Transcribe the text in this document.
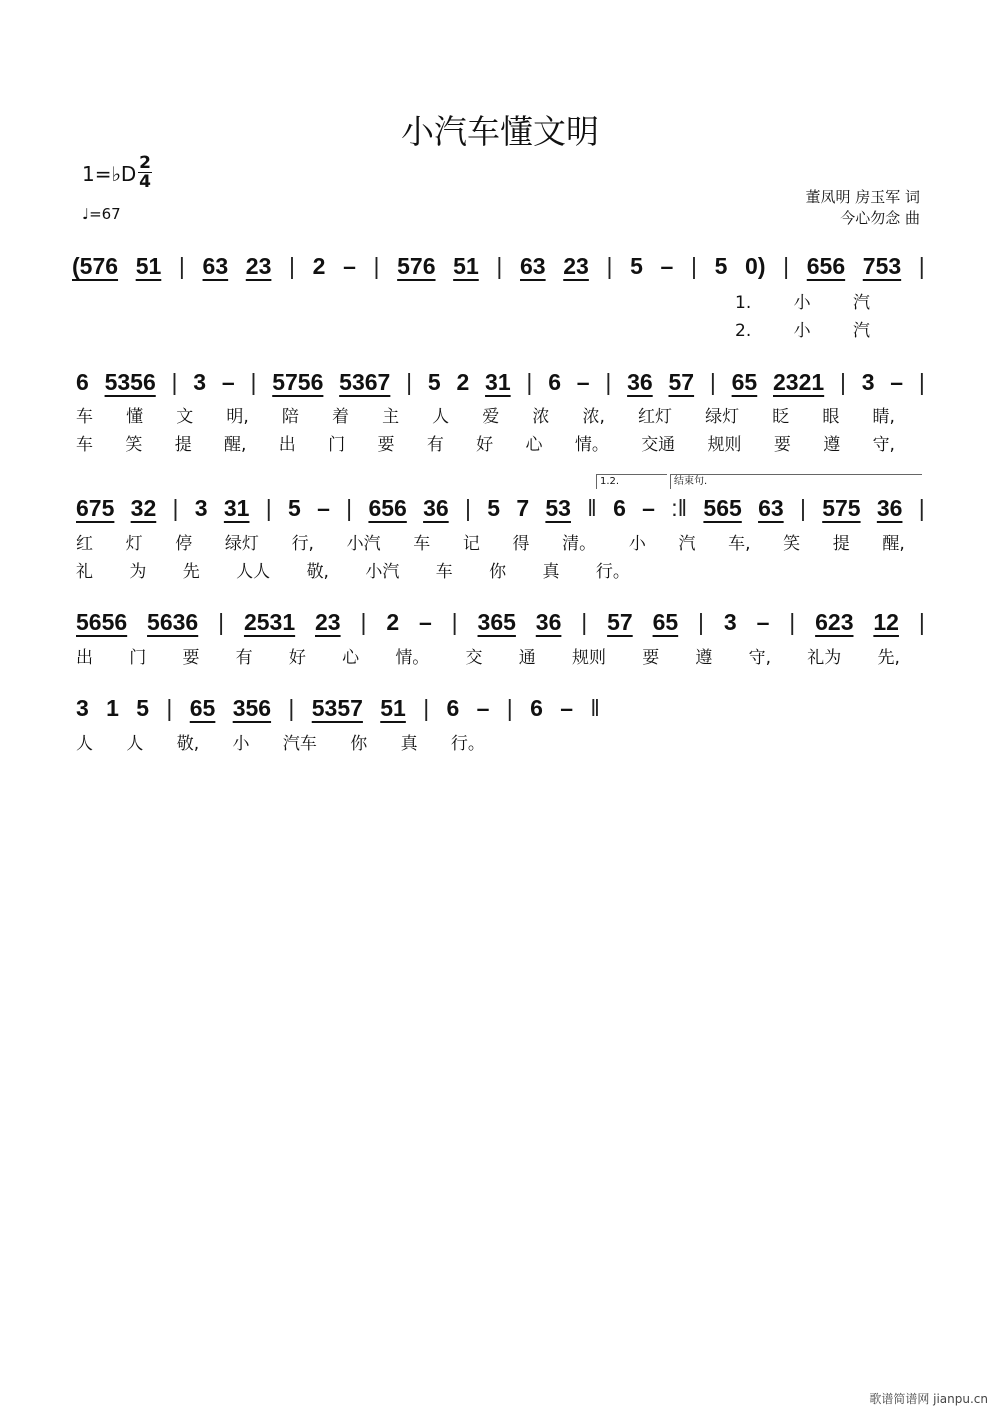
小汽车懂文明
1=♭D 2
4
♩=67
董凤明 房玉军 词
今心勿念 曲
1.2.	结束句.
(576 51 | 63 23 | 2 – | 576 51 | 63 23 | 5 – | 5 0) | 656 753 |
1. 小 汽
2. 小 汽
6 5356 | 3 – | 5756 5367 | 5 2 31 | 6 – | 36 57 | 65 2321 | 3 – |
车 懂 文 明, 陪 着 主 人 爱 浓 浓, 红灯 绿灯 眨 眼 睛,
车 笑 提 醒, 出 门 要 有 好 心 情。 交通 规则 要 遵 守,
675 32 | 3 31 | 5 – | 656 36 | 5 7 53 ‖ 6 – :‖ 565 63 | 575 36 |
红 灯 停 绿灯 行, 小汽 车 记 得 清。 小 汽 车, 笑 提 醒,
礼 为 先 人人 敬, 小汽 车 你 真 行。
5656 5636 | 2531 23 | 2 – | 365 36 | 57 65 | 3 – | 623 12 |
出 门 要 有 好 心 情。 交 通 规则 要 遵 守, 礼为 先,
3 1 5 | 65 356 | 5357 51 | 6 – | 6 – ‖
人 人 敬, 小 汽车 你 真 行。
歌谱简谱网 jianpu.cn
